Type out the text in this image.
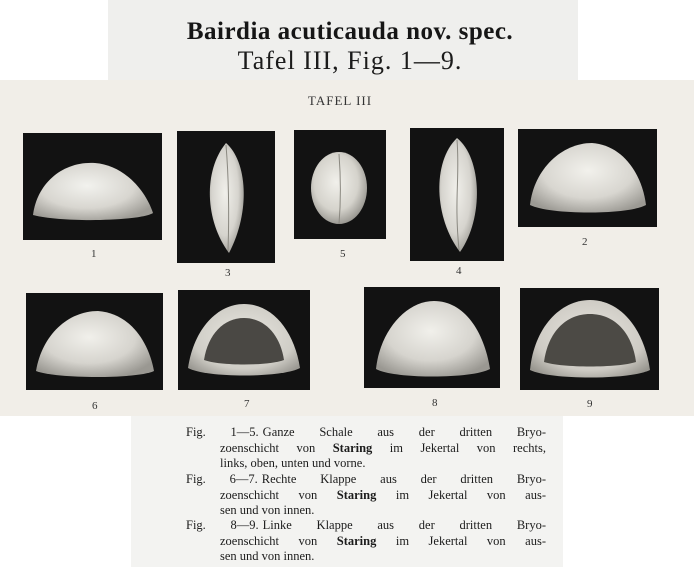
Bairdia acuticauda nov. spec.
Tafel III, Fig. 1—9.
TAFEL III
1
3
5
4
2
6	7	8	9

Fig. 1—5. Ganze Schale aus der dritten Bryo-
zoenschicht von Staring im Jekertal von rechts,
links, oben, unten und vorne.

Fig. 6—7. Rechte Klappe aus der dritten Bryo-
zoenschicht von Staring im Jekertal von aus-
sen und von innen.

Fig. 8—9. Linke Klappe aus der dritten Bryo-
zoenschicht von Staring im Jekertal von aus-
sen und von innen.
